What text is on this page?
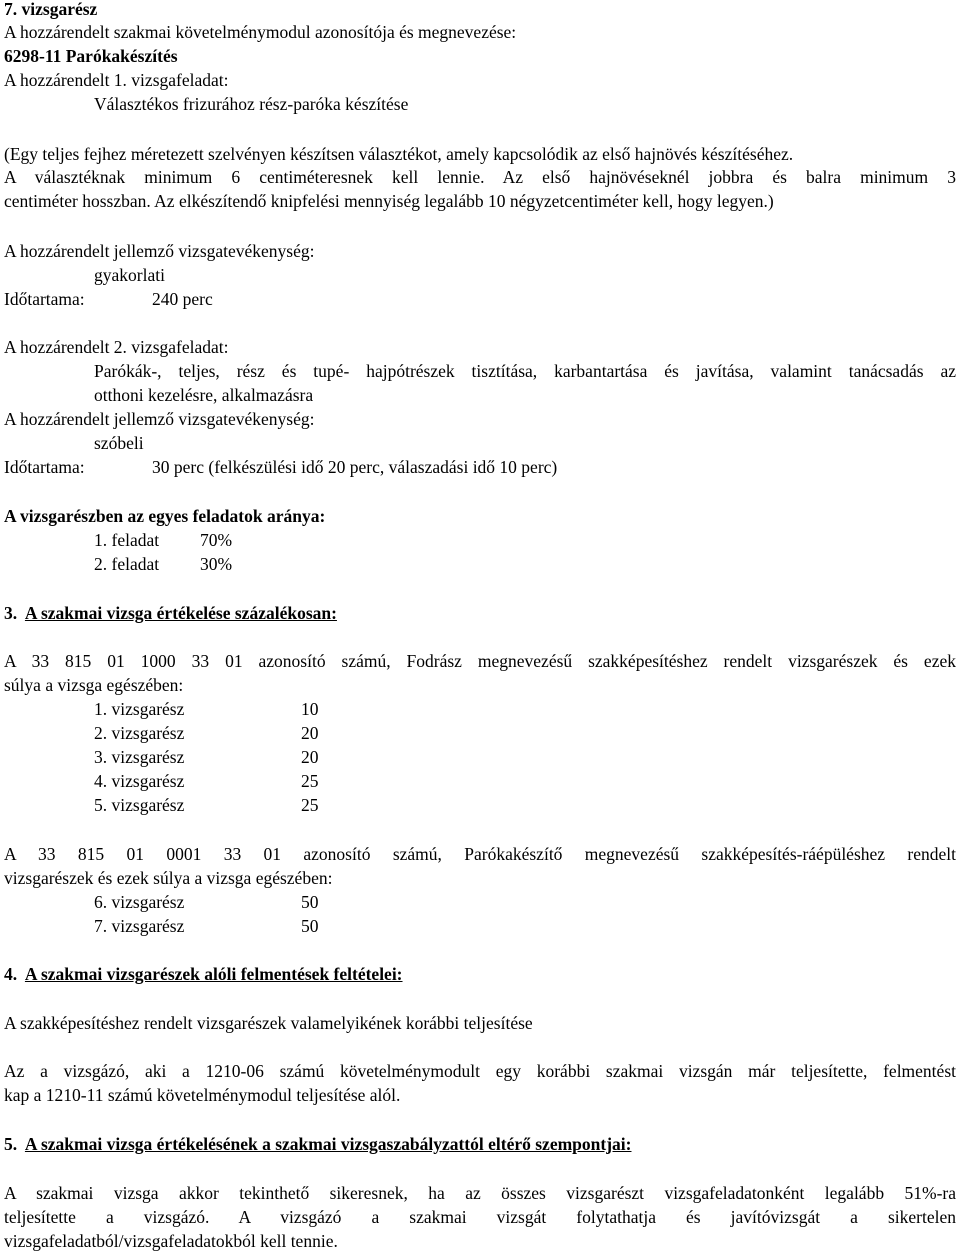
7. vizsgarész
A hozzárendelt szakmai követelménymodul azonosítója és megnevezése:
6298-11 Parókakészítés
A hozzárendelt 1. vizsgafeladat:
Választékos frizurához rész-paróka készítése
(Egy teljes fejhez méretezett szelvényen készítsen választékot, amely kapcsolódik az első hajnövés készítéséhez.
A választéknak minimum 6 centiméteresnek kell lennie. Az első hajnövéseknél jobbra és balra minimum 3
centiméter hosszban. Az elkészítendő knipfelési mennyiség legalább 10 négyzetcentiméter kell, hogy legyen.)
A hozzárendelt jellemző vizsgatevékenység:
gyakorlati
Időtartama:	240 perc
A hozzárendelt 2. vizsgafeladat:
Parókák-, teljes, rész és tupé- hajpótrészek tisztítása, karbantartása és javítása, valamint tanácsadás az
otthoni kezelésre, alkalmazásra
A hozzárendelt jellemző vizsgatevékenység:
szóbeli
Időtartama:	30 perc (felkészülési idő 20 perc, válaszadási idő 10 perc)
A vizsgarészben az egyes feladatok aránya:
1. feladat	70%
2. feladat	30%
3. A szakmai vizsga értékelése százalékosan:
A 33 815 01 1000 33 01 azonosító számú, Fodrász megnevezésű szakképesítéshez rendelt vizsgarészek és ezek
súlya a vizsga egészében:
1. vizsgarész	10
2. vizsgarész	20
3. vizsgarész	20
4. vizsgarész	25
5. vizsgarész	25
A 33 815 01 0001 33 01 azonosító számú, Parókakészítő megnevezésű szakképesítés-ráépüléshez rendelt
vizsgarészek és ezek súlya a vizsga egészében:
6. vizsgarész	50
7. vizsgarész	50
4. A szakmai vizsgarészek alóli felmentések feltételei:
A szakképesítéshez rendelt vizsgarészek valamelyikének korábbi teljesítése
Az a vizsgázó, aki a 1210-06 számú követelménymodult egy korábbi szakmai vizsgán már teljesítette, felmentést
kap a 1210-11 számú követelménymodul teljesítése alól.
5. A szakmai vizsga értékelésének a szakmai vizsgaszabályzattól eltérő szempontjai:
A szakmai vizsga akkor tekinthető sikeresnek, ha az összes vizsgarészt vizsgafeladatonként legalább 51%-ra
teljesítette a vizsgázó. A vizsgázó a szakmai vizsgát folytathatja és javítóvizsgát a sikertelen
vizsgafeladatból/vizsgafeladatokból kell tennie.
